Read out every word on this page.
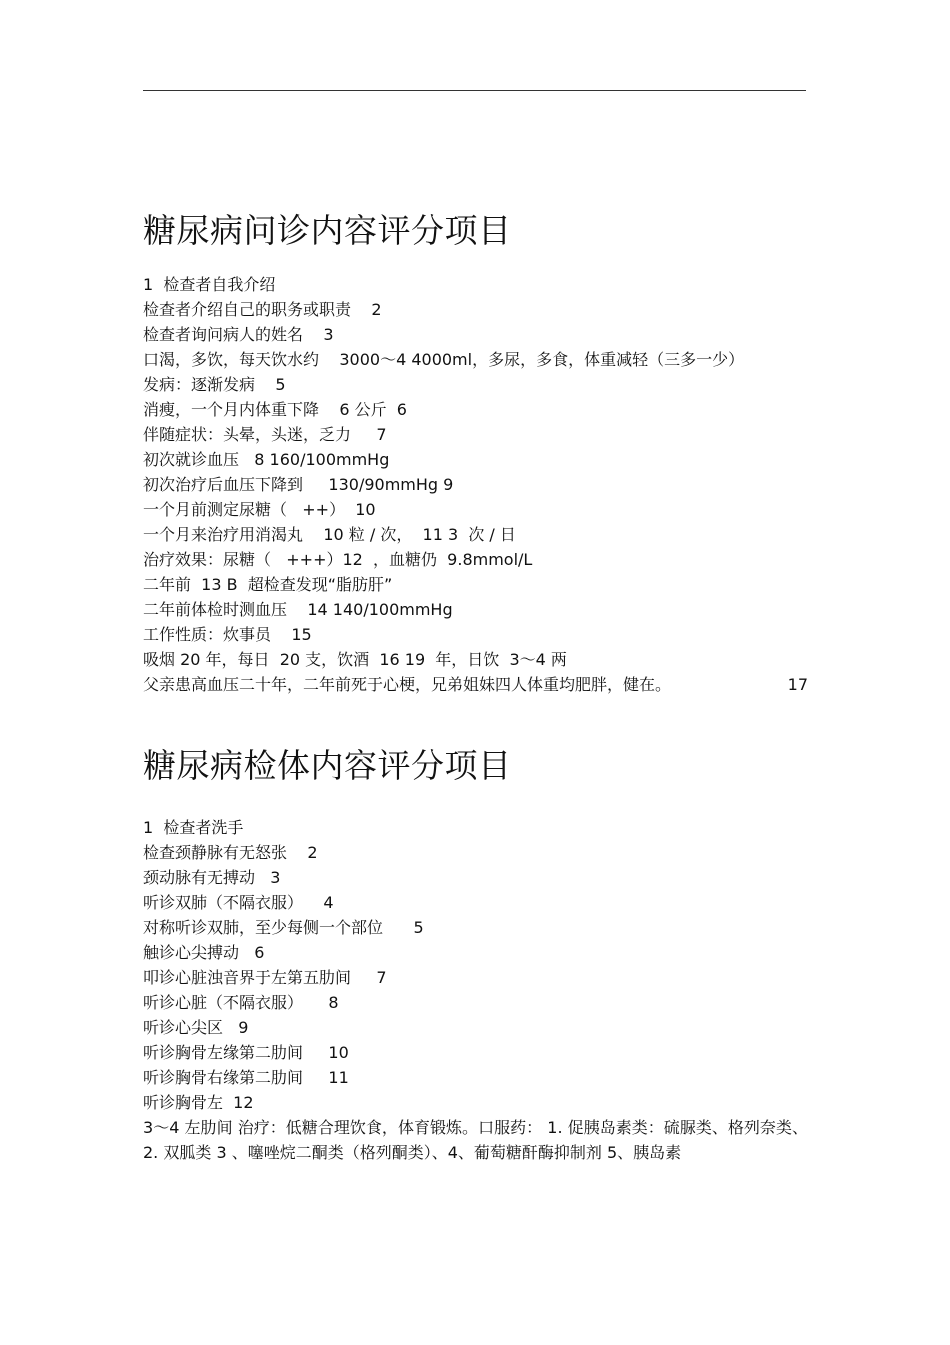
糖尿病问诊内容评分项目
1  检查者自我介绍
检查者介绍自己的职务或职责    2
检查者询问病人的姓名    3
口渴，多饮，每天饮水约    3000～4 4000ml，多尿，多食，体重减轻（三多一少）
发病：逐渐发病    5
消瘦，一个月内体重下降    6 公斤  6
伴随症状：头晕，头迷，乏力     7
初次就诊血压   8 160/100mmHg
初次治疗后血压下降到     130/90mmHg 9
一个月前测定尿糖（   ++）  10
一个月来治疗用消渴丸    10 粒 / 次，  11 3  次 / 日
治疗效果：尿糖（   +++）12  ，血糖仍  9.8mmol/L
二年前  13 B  超检查发现“脂肪肝”
二年前体检时测血压    14 140/100mmHg
工作性质：炊事员    15
吸烟 20 年，每日  20 支，饮酒  16 19  年，日饮  3～4 两
父亲患高血压二十年，二年前死于心梗，兄弟姐妹四人体重均肥胖，健在。	17
糖尿病检体内容评分项目
1  检查者洗手
检查颈静脉有无怒张    2
颈动脉有无搏动   3
听诊双肺（不隔衣服）    4
对称听诊双肺，至少每侧一个部位      5
触诊心尖搏动   6
叩诊心脏浊音界于左第五肋间     7
听诊心脏（不隔衣服）     8
听诊心尖区   9
听诊胸骨左缘第二肋间     10
听诊胸骨右缘第二肋间     11
听诊胸骨左  12
3～4 左肋间 治疗：低糖合理饮食，体育锻炼。口服药： 1. 促胰岛素类：硫脲类、格列奈类、 2. 双胍类 3 、噻唑烷二酮类（格列酮类）、4、葡萄糖酐酶抑制剂 5、胰岛素
